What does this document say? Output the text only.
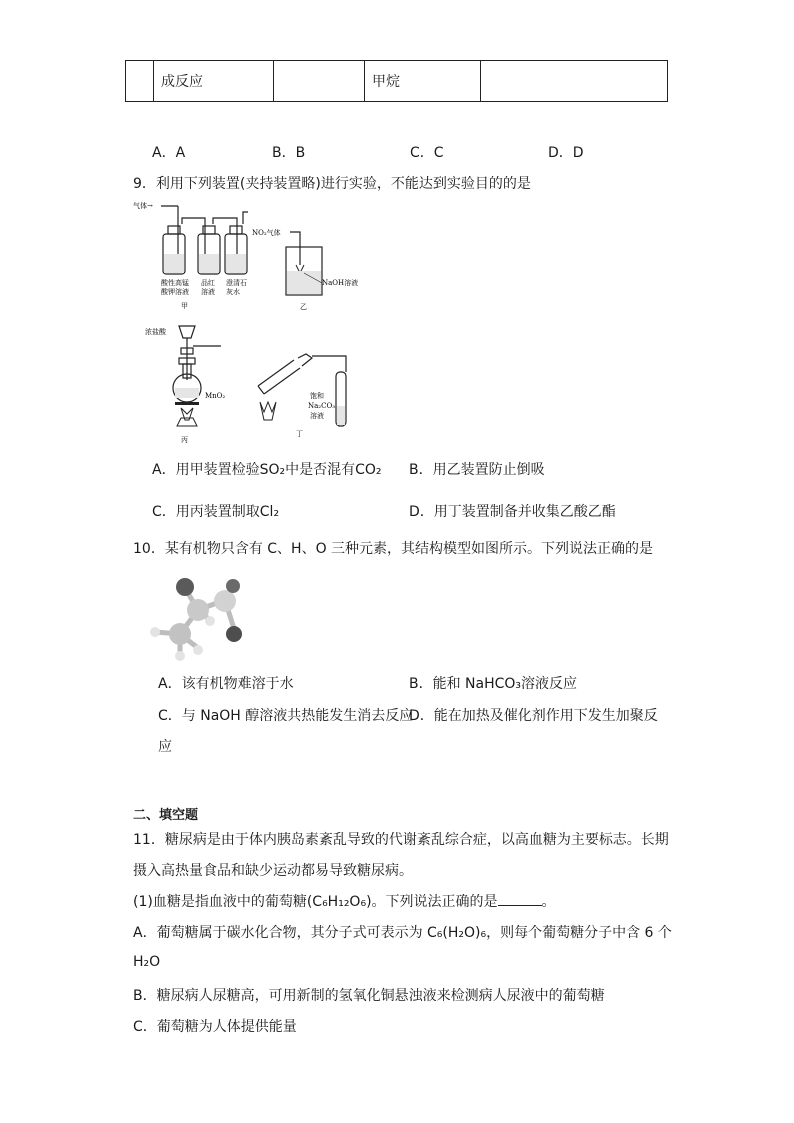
	成反应		甲烷	
A．A	B．B	C．C	D．D
9．利用下列装置(夹持装置略)进行实验，不能达到实验目的的是
气体→
酸性高锰
酸钾溶液
品红
溶液
澄清石
灰水
甲
NO₂气体
NaOH溶液
乙
浓盐酸
MnO₂
丙
饱和
Na₂CO₃
溶液
丁
A．用甲装置检验SO₂中是否混有CO₂ B．用乙装置防止倒吸
C．用丙装置制取Cl₂	D．用丁装置制备并收集乙酸乙酯
10．某有机物只含有 C、H、O 三种元素，其结构模型如图所示。下列说法正确的是
A．该有机物难溶于水	B．能和 NaHCO₃溶液反应
C．与 NaOH 醇溶液共热能发生消去反应
D．能在加热及催化剂作用下发生加聚反
应
二、填空题
11．糖尿病是由于体内胰岛素紊乱导致的代谢紊乱综合症，以高血糖为主要标志。长期
摄入高热量食品和缺少运动都易导致糖尿病。
(1)血糖是指血液中的葡萄糖(C₆H₁₂O₆)。下列说法正确的是	。
A．葡萄糖属于碳水化合物，其分子式可表示为 C₆(H₂O)₆，则每个葡萄糖分子中含 6 个
H₂O
B．糖尿病人尿糖高，可用新制的氢氧化铜悬浊液来检测病人尿液中的葡萄糖
C．葡萄糖为人体提供能量
